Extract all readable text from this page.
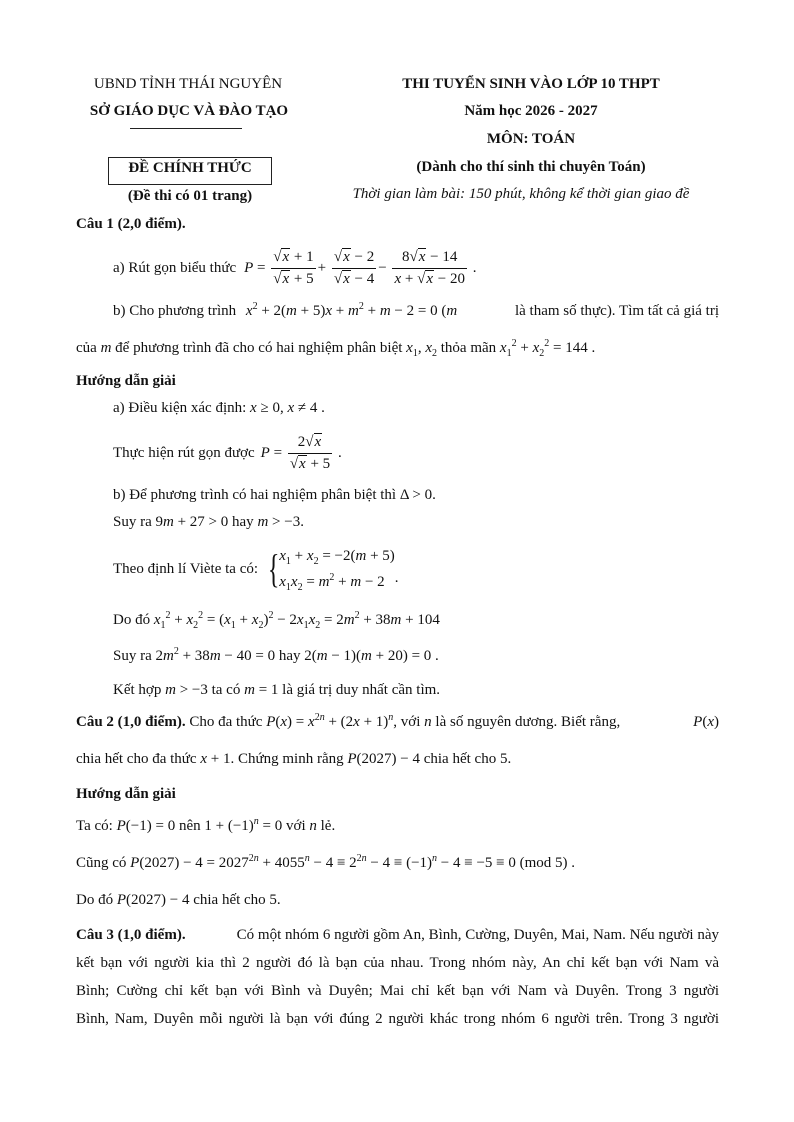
UBND TỈNH THÁI NGUYÊN
SỞ GIÁO DỤC VÀ ĐÀO TẠO
ĐỀ CHÍNH THỨC
(Đề thi có 01 trang)
THI TUYỂN SINH VÀO LỚP 10 THPT
Năm học 2026 - 2027
MÔN: TOÁN
(Dành cho thí sinh thi chuyên Toán)
Thời gian làm bài: 150 phút, không kể thời gian giao đề
Câu 1 (2,0 điểm).
a) Rút gọn biểu thức $P = \frac{√x + 1}{√x + 5} + \frac{√x - 2}{√x - 4} - \frac{8√x - 14}{x + √x - 20}$ .
b) Cho phương trình $x^2 + 2(m + 5)x + m^2 + m - 2 = 0$ (m	là tham số thực). Tìm tất cả giá trị
của m để phương trình đã cho có hai nghiệm phân biệt $x_1$, $x_2$ thỏa mãn $x_1^2 + x_2^2 = 144$ .
Hướng dẫn giải
a) Điều kiện xác định: x ≥ 0, x ≠ 4 .
Thực hiện rút gọn được $P = \frac{2√x}{√x + 5}$ .
b) Để phương trình có hai nghiệm phân biệt thì Δ > 0.
Suy ra 9m + 27 > 0 hay m > −3.
Theo định lí Viète ta có: { $x_1 + x_2 = -2(m + 5)$
$x_1x_2 = m^2 + m - 2$ .
Do đó $x_1^2 + x_2^2 = (x_1 + x_2)^2 - 2x_1x_2 = 2m^2 + 38m + 104$
Suy ra $2m^2 + 38m - 40 = 0$ hay 2(m − 1)(m + 20) = 0 .
Kết hợp m > −3 ta có m = 1 là giá trị duy nhất cần tìm.
Câu 2 (1,0 điểm). Cho đa thức $P(x) = x^{2n} + (2x + 1)^n$, với n là số nguyên dương. Biết rằng,	P(x)
chia hết cho đa thức x + 1. Chứng minh rằng P(2027) − 4 chia hết cho 5.
Hướng dẫn giải
Ta có: P(−1) = 0 nên $1 + (-1)^n = 0$ với n lẻ.
Cũng có $P(2027) - 4 = 2027^{2n} + 4055^n - 4 \equiv 2^{2n} - 4 \equiv (-1)^n - 4 \equiv -5 \equiv 0$ (mod 5) .
Do đó P(2027) − 4 chia hết cho 5.
Câu 3 (1,0 điểm).	Có một nhóm 6 người gồm An, Bình, Cường, Duyên, Mai, Nam. Nếu người này
kết bạn với người kia thì 2 người đó là bạn của nhau. Trong nhóm này, An chỉ kết bạn với Nam và
Bình; Cường chỉ kết bạn với Bình và Duyên; Mai chỉ kết bạn với Nam và Duyên. Trong 3 người
Bình, Nam, Duyên mỗi người là bạn với đúng 2 người khác trong nhóm 6 người trên. Trong 3 người
